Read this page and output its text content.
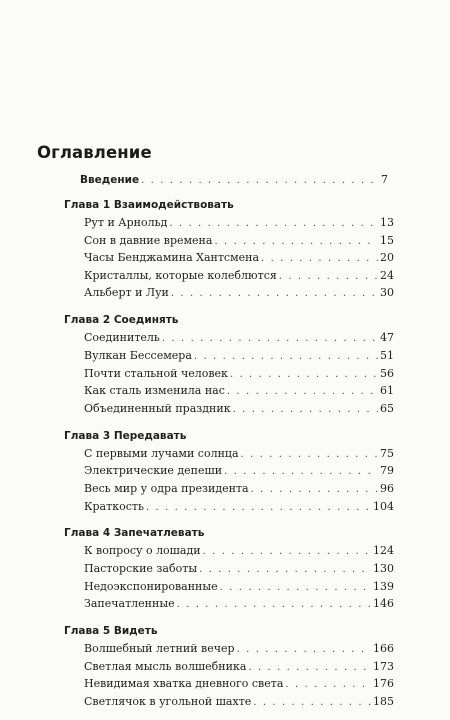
Оглавление
Введение . . .	7
Глава 1 Взаимодействовать
Рут и Арнольд . . .	13
Сон в давние времена . . .	15
Часы Бенджамина Хантсмена . . .	20
Кристаллы, которые колеблются . . .	24
Альберт и Луи . . .	30
Глава 2 Соединять
Соединитель . . .	47
Вулкан Бессемера . . .	51
Почти стальной человек . . .	56
Как сталь изменила нас . . .	61
Объединенный праздник . . .	65
Глава 3 Передавать
С первыми лучами солнца . . .	75
Электрические депеши . . .	79
Весь мир у одра президента . . .	96
Краткость . . .	104
Глава 4 Запечатлевать
К вопросу о лошади . . .	124
Пасторские заботы . . .	130
Недоэкспонированные . . .	139
Запечатленные . . .	146
Глава 5 Видеть
Волшебный летний вечер . . .	166
Светлая мысль волшебника . . .	173
Невидимая хватка дневного света . . .	176
Светлячок в угольной шахте . . .	185
